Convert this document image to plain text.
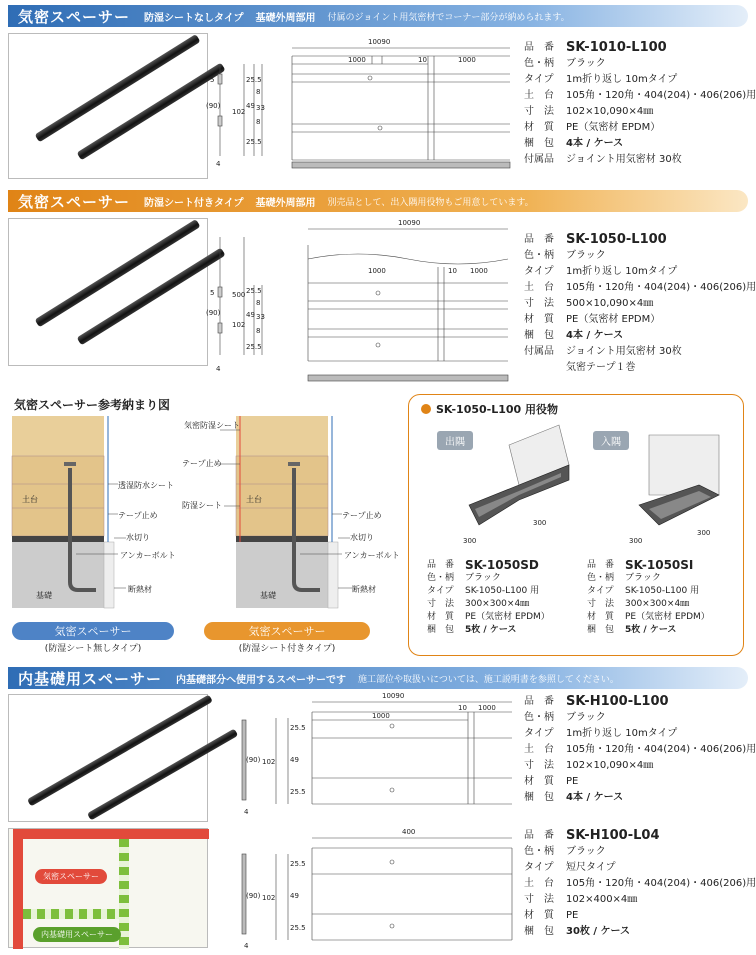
気密スペーサー 防湿シートなしタイプ 基礎外周部用 付属のジョイント用気密材でコーナー部分が納められます。
10090
1000	10	1000
5	25.5
49
25.5
8
33
8
102
(90)
4
品　番 SK-1010-L100
色・柄	ブラック
タイプ	1m折り返し 10mタイプ
土　台	105角・120角・404(204)・406(206)用
寸　法	102×10,090×4㎜
材　質	PE（気密材 EPDM）
梱　包	4本 / ケース
付属品	ジョイント用気密材 30枚
気密スペーサー 防湿シート付きタイプ 基礎外周部用 別売品として、出入隅用役物もご用意しています。
10090
1000	10 1000
5	500 25.5
49
25.5
8
33
8
102
(90)
4
品　番 SK-1050-L100
色・柄	ブラック
タイプ	1m折り返し 10mタイプ
土　台	105角・120角・404(204)・406(206)用
寸　法	500×10,090×4㎜
材　質	PE（気密材 EPDM）
梱　包	4本 / ケース
付属品	ジョイント用気密材 30枚
気密テープ１巻
気密スペーサー参考納まり図
土台
透湿防水シート
テープ止め
水切り
アンカーボルト
断熱材
基礎
気密防湿シート
テープ止め
土台
防湿シート
テープ止め
水切り
アンカーボルト
断熱材
基礎
気密スペーサー
(防湿シート無しタイプ)
気密スペーサー
(防湿シート付きタイプ)
SK-1050-L100 用役物
出隅	入隅
300
300
300
300
品　番 SK-1050SD
色・柄	ブラック
タイプ	SK-1050-L100 用
寸　法	300×300×4㎜
材　質	PE（気密材 EPDM）
梱　包	5枚 / ケース
品　番 SK-1050SI
色・柄	ブラック
タイプ	SK-1050-L100 用
寸　法	300×300×4㎜
材　質	PE（気密材 EPDM）
梱　包	5枚 / ケース
内基礎用スペーサー 内基礎部分へ使用するスペーサーです 施工部位や取扱いについては、施工説明書を参照してください。
10090
1000
10 1000
25.5
49
25.5
102
(90)
4
品　番 SK-H100-L100
色・柄	ブラック
タイプ	1m折り返し 10mタイプ
土　台	105角・120角・404(204)・406(206)用
寸　法	102×10,090×4㎜
材　質	PE
梱　包	4本 / ケース
気密スペーサー
内基礎用スペーサー
400
25.5
49
25.5
102
(90)
4
品　番 SK-H100-L04
色・柄	ブラック
タイプ	短尺タイプ
土　台	105角・120角・404(204)・406(206)用
寸　法	102×400×4㎜
材　質	PE
梱　包	30枚 / ケース
